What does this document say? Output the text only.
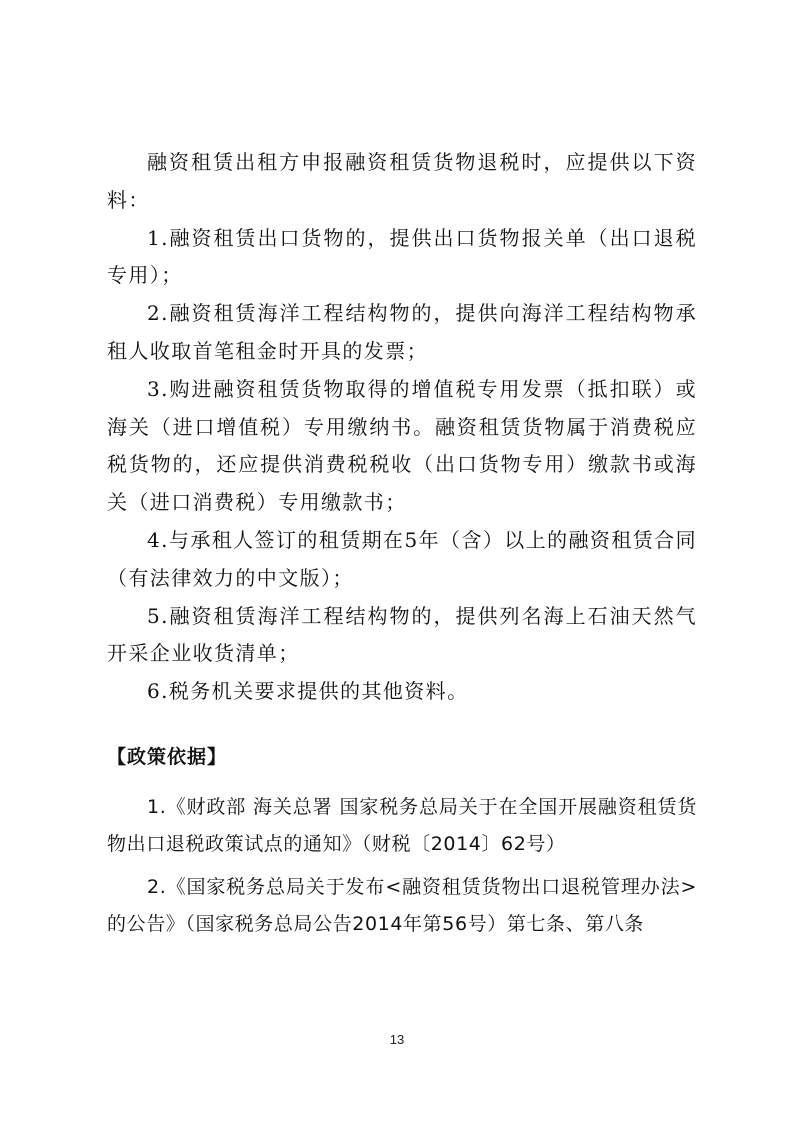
融资租赁出租方申报融资租赁货物退税时，应提供以下资料：

1.融资租赁出口货物的，提供出口货物报关单（出口退税专用）；

2.融资租赁海洋工程结构物的，提供向海洋工程结构物承租人收取首笔租金时开具的发票；

3.购进融资租赁货物取得的增值税专用发票（抵扣联）或海关（进口增值税）专用缴纳书。融资租赁货物属于消费税应税货物的，还应提供消费税税收（出口货物专用）缴款书或海关（进口消费税）专用缴款书；

4.与承租人签订的租赁期在5年（含）以上的融资租赁合同（有法律效力的中文版）；

5.融资租赁海洋工程结构物的，提供列名海上石油天然气开采企业收货清单；

6.税务机关要求提供的其他资料。

【政策依据】

1.《财政部 海关总署 国家税务总局关于在全国开展融资租赁货物出口退税政策试点的通知》（财税〔2014〕62号）

2.《国家税务总局关于发布<融资租赁货物出口退税管理办法>的公告》（国家税务总局公告2014年第56号）第七条、第八条

13
